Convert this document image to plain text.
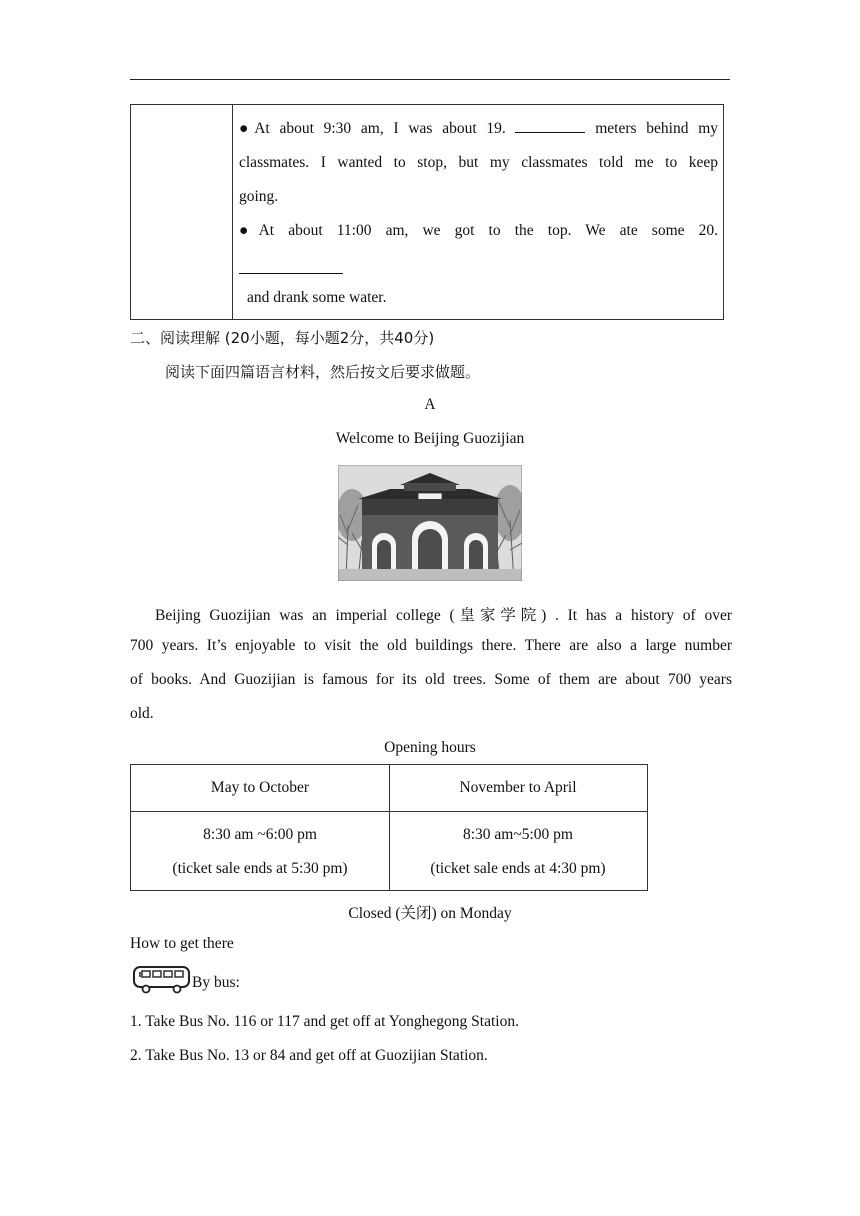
●At about 9:30 am, I was about 19.	meters behind my
classmates. I wanted to stop, but my classmates told me to keep
going.
●At about 11:00 am, we got to the top. We ate some 20.
and drank some water.
二、阅读理解 (20小题，每小题2分，共40分)
阅读下面四篇语言材料，然后按文后要求做题。
A
Welcome to Beijing Guozijian
Beijing Guozijian was an imperial college (皇家学院) . It has a history of over
700 years. It’s enjoyable to visit the old buildings there. There are also a large number
of books. And Guozijian is famous for its old trees. Some of them are about 700 years
old.
Opening hours
May to October	November to April
8:30 am ~6:00 pm
(ticket sale ends at 5:30 pm)
8:30 am~5:00 pm
(ticket sale ends at 4:30 pm)
Closed (关闭) on Monday
How to get there
By bus:
1. Take Bus No. 116 or 117 and get off at Yonghegong Station.
2. Take Bus No. 13 or 84 and get off at Guozijian Station.
